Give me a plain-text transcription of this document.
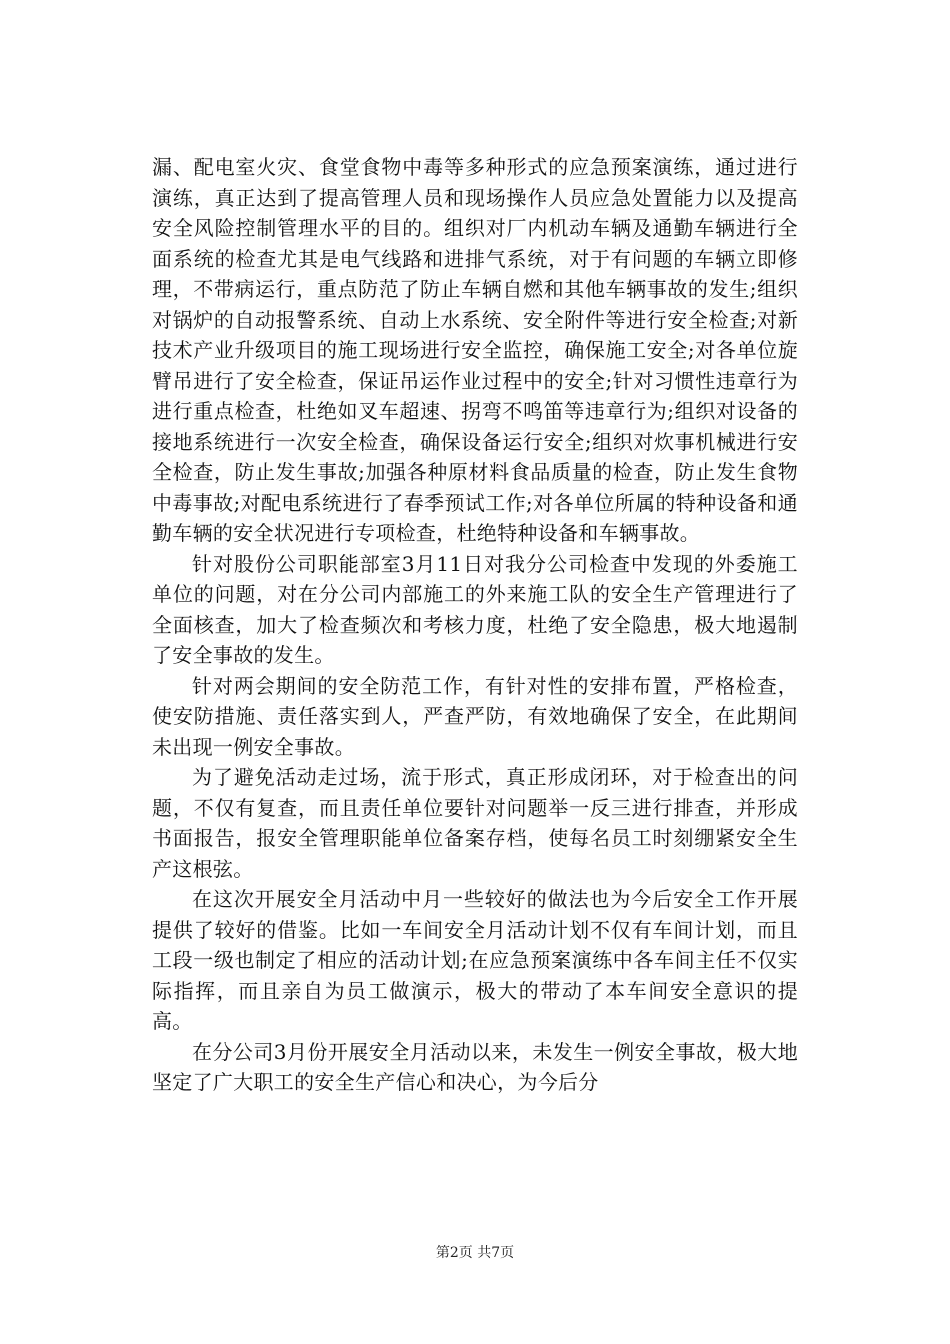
漏、配电室火灾、食堂食物中毒等多种形式的应急预案演练，通过进行演练，真正达到了提高管理人员和现场操作人员应急处置能力以及提高安全风险控制管理水平的目的。组织对厂内机动车辆及通勤车辆进行全面系统的检查尤其是电气线路和进排气系统，对于有问题的车辆立即修理，不带病运行，重点防范了防止车辆自燃和其他车辆事故的发生;组织对锅炉的自动报警系统、自动上水系统、安全附件等进行安全检查;对新技术产业升级项目的施工现场进行安全监控，确保施工安全;对各单位旋臂吊进行了安全检查，保证吊运作业过程中的安全;针对习惯性违章行为进行重点检查，杜绝如叉车超速、拐弯不鸣笛等违章行为;组织对设备的接地系统进行一次安全检查，确保设备运行安全;组织对炊事机械进行安全检查，防止发生事故;加强各种原材料食品质量的检查，防止发生食物中毒事故;对配电系统进行了春季预试工作;对各单位所属的特种设备和通勤车辆的安全状况进行专项检查，杜绝特种设备和车辆事故。

针对股份公司职能部室3月11日对我分公司检查中发现的外委施工单位的问题，对在分公司内部施工的外来施工队的安全生产管理进行了全面核查，加大了检查频次和考核力度，杜绝了安全隐患，极大地遏制了安全事故的发生。

针对两会期间的安全防范工作，有针对性的安排布置，严格检查，使安防措施、责任落实到人，严查严防，有效地确保了安全，在此期间未出现一例安全事故。

为了避免活动走过场，流于形式，真正形成闭环，对于检查出的问题，不仅有复查，而且责任单位要针对问题举一反三进行排查，并形成书面报告，报安全管理职能单位备案存档，使每名员工时刻绷紧安全生产这根弦。

在这次开展安全月活动中月一些较好的做法也为今后安全工作开展提供了较好的借鉴。比如一车间安全月活动计划不仅有车间计划，而且工段一级也制定了相应的活动计划;在应急预案演练中各车间主任不仅实际指挥，而且亲自为员工做演示，极大的带动了本车间安全意识的提高。

在分公司3月份开展安全月活动以来，未发生一例安全事故，极大地坚定了广大职工的安全生产信心和决心，为今后分

第2页 共7页
